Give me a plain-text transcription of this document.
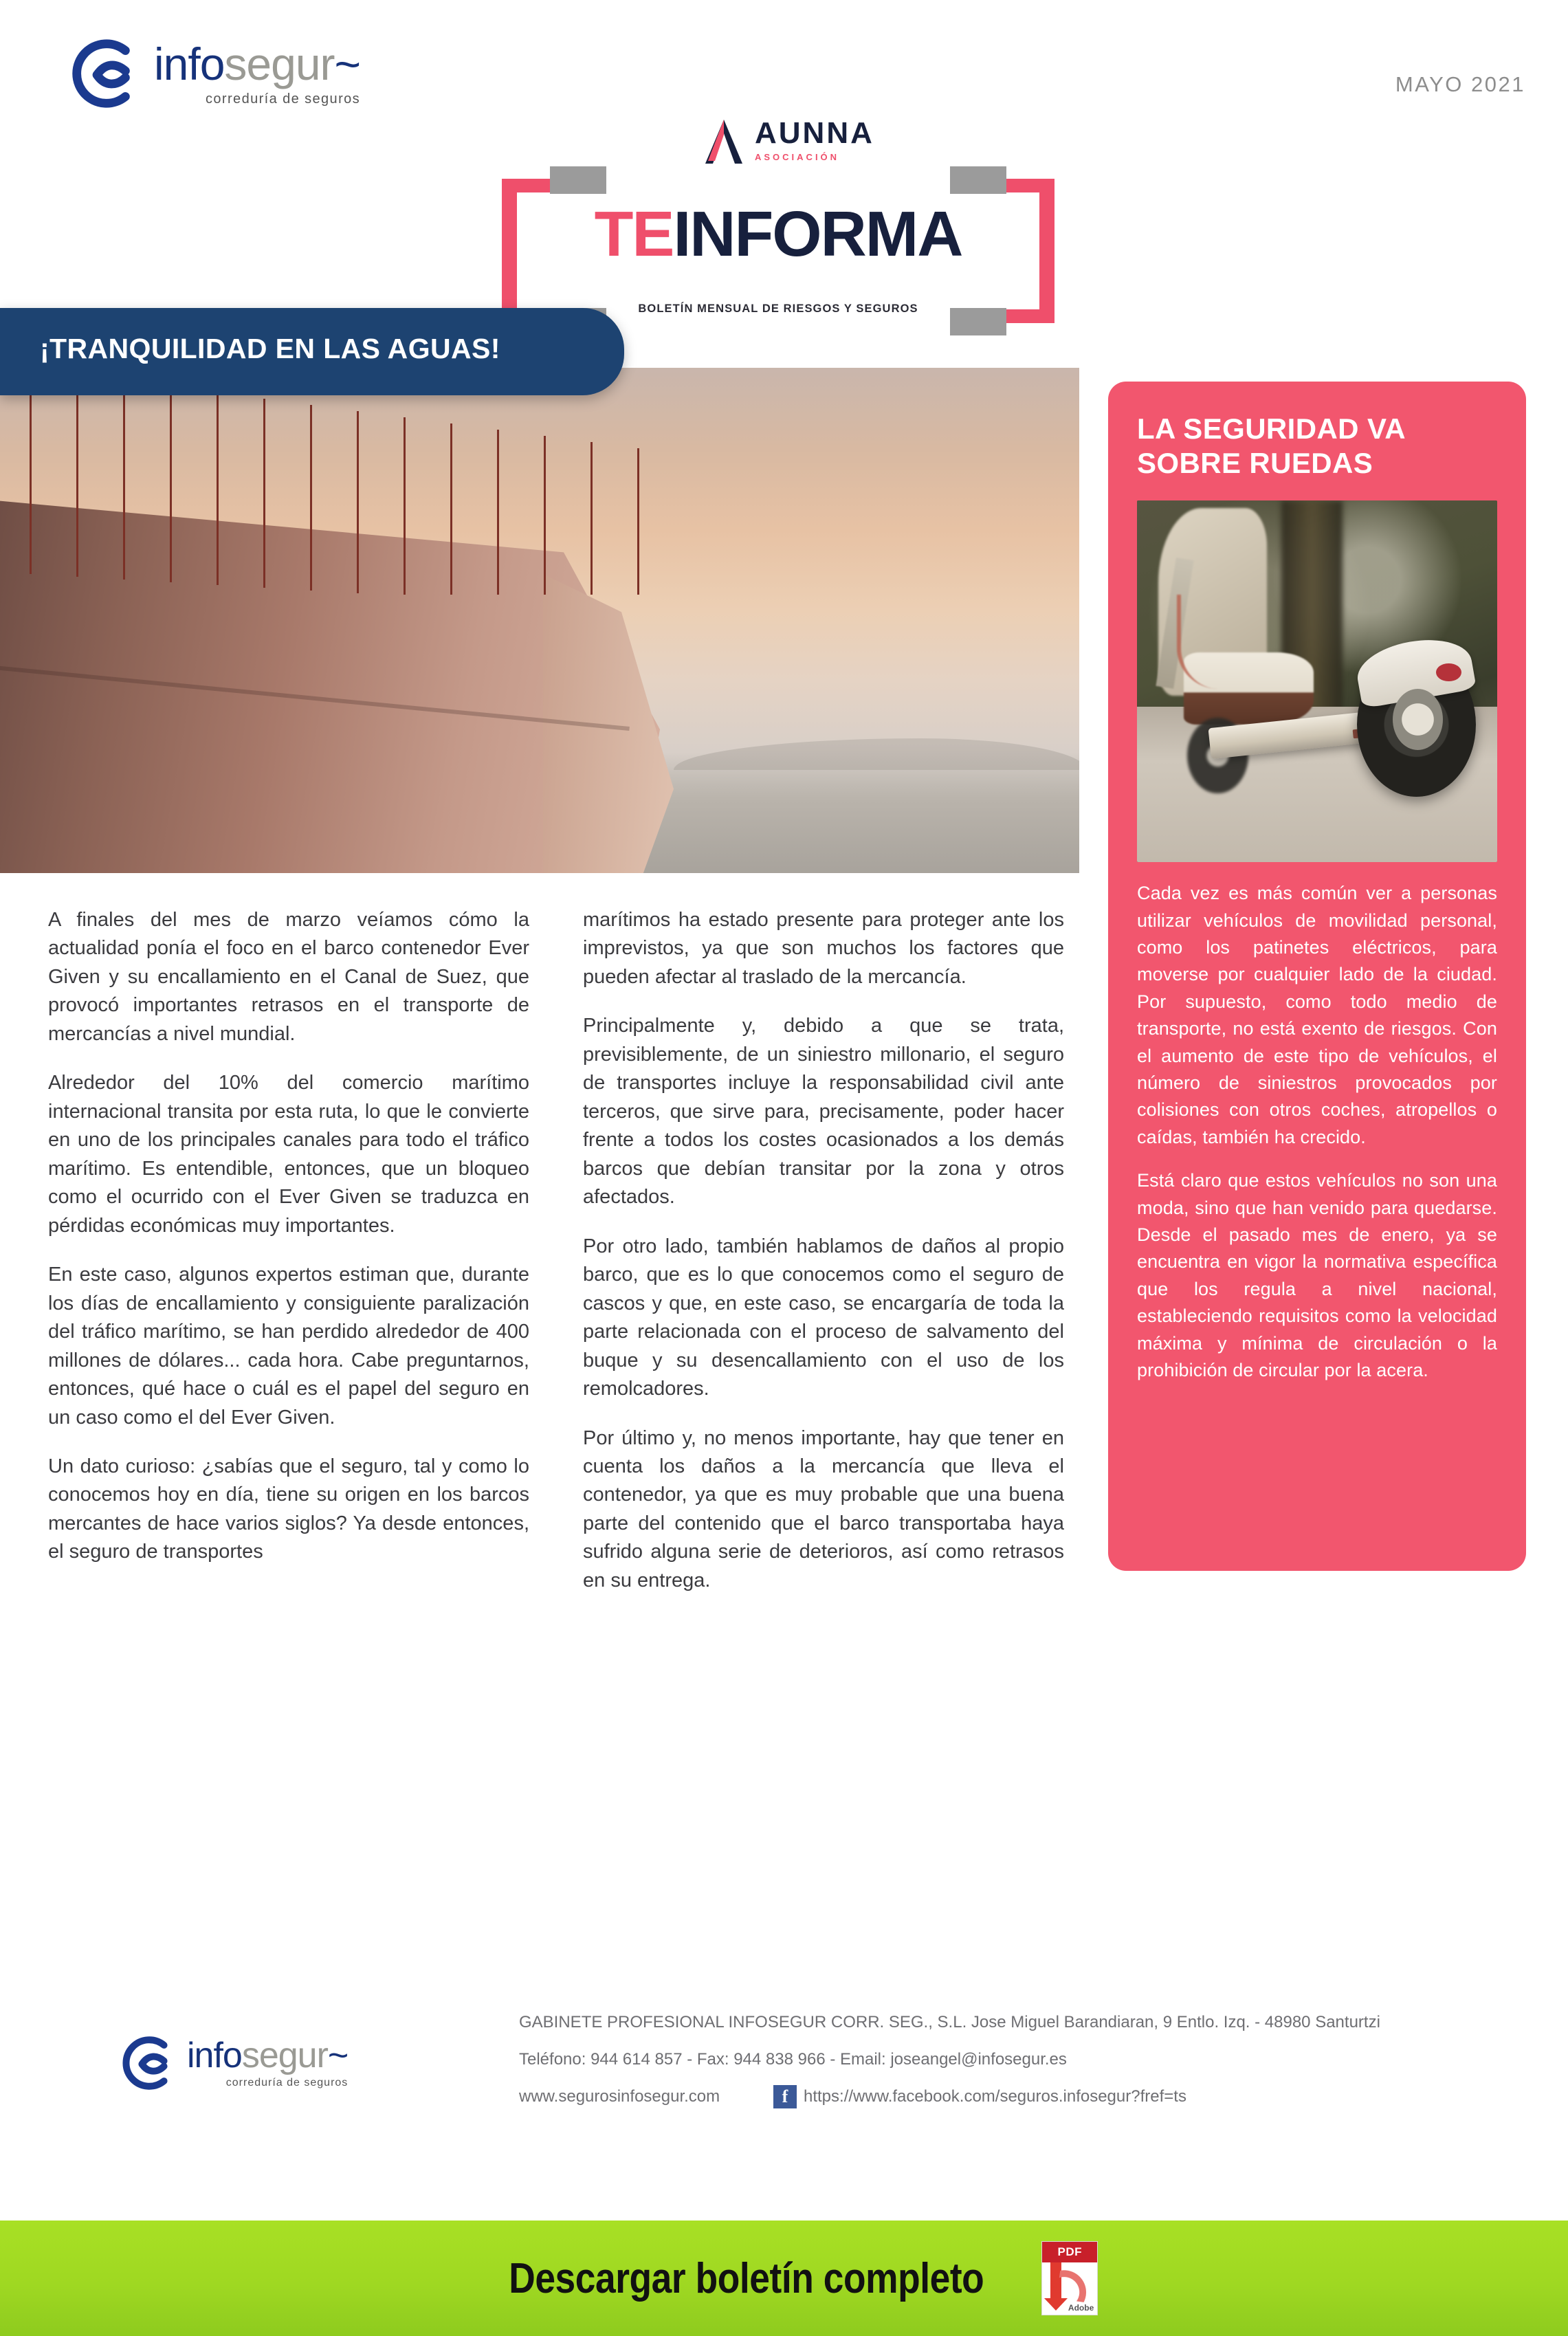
infosegur~
correduría de seguros
MAYO 2021
AUNNA
ASOCIACIÓN
TEINFORMA
BOLETÍN MENSUAL DE RIESGOS Y SEGUROS
¡TRANQUILIDAD EN LAS AGUAS!
LA SEGURIDAD VA SOBRE RUEDAS

Cada vez es más común ver a personas utilizar vehículos de movilidad personal, como los patinetes eléctricos, para moverse por cualquier lado de la ciudad. Por supuesto, como todo medio de transporte, no está exento de riesgos. Con el aumento de este tipo de vehículos, el número de siniestros provocados por colisiones con otros coches, atropellos o caídas, también ha crecido.

Está claro que estos vehículos no son una moda, sino que han venido para quedarse. Desde el pasado mes de enero, ya se encuentra en vigor la normativa específica que los regula a nivel nacional, estableciendo requisitos como la velocidad máxima y mínima de circulación o la prohibición de circular por la acera.

A finales del mes de marzo veíamos cómo la actualidad ponía el foco en el barco contenedor Ever Given y su encallamiento en el Canal de Suez, que provocó importantes retrasos en el transporte de mercancías a nivel mundial.

Alrededor del 10% del comercio marítimo internacional transita por esta ruta, lo que le convierte en uno de los principales canales para todo el tráfico marítimo. Es entendible, entonces, que un bloqueo como el ocurrido con el Ever Given se traduzca en pérdidas económicas muy importantes.

En este caso, algunos expertos estiman que, durante los días de encallamiento y consiguiente paralización del tráfico marítimo, se han perdido alrededor de 400 millones de dólares... cada hora. Cabe preguntarnos, entonces, qué hace o cuál es el papel del seguro en un caso como el del Ever Given.

Un dato curioso: ¿sabías que el seguro, tal y como lo conocemos hoy en día, tiene su origen en los barcos mercantes de hace varios siglos? Ya desde entonces, el seguro de transportes

marítimos ha estado presente para proteger ante los imprevistos, ya que son muchos los factores que pueden afectar al traslado de la mercancía.

Principalmente y, debido a que se trata, previsiblemente, de un siniestro millonario, el seguro de transportes incluye la responsabilidad civil ante terceros, que sirve para, precisamente, poder hacer frente a todos los costes ocasionados a los demás barcos que debían transitar por la zona y otros afectados.

Por otro lado, también hablamos de daños al propio barco, que es lo que conocemos como el seguro de cascos y que, en este caso, se encargaría de toda la parte relacionada con el proceso de salvamento del buque y su desencallamiento con el uso de los remolcadores.

Por último y, no menos importante, hay que tener en cuenta los daños a la mercancía que lleva el contenedor, ya que es muy probable que una buena parte del contenido que el barco transportaba haya sufrido alguna serie de deterioros, así como retrasos en su entrega.

infosegur~
correduría de seguros
GABINETE PROFESIONAL INFOSEGUR CORR. SEG., S.L. Jose Miguel Barandiaran, 9 Entlo. Izq. - 48980 Santurtzi
Teléfono: 944 614 857 - Fax: 944 838 966 - Email: joseangel@infosegur.es
www.segurosinfosegur.com	f https://www.facebook.com/seguros.infosegur?fref=ts
Descargar boletín completo
PDF
Adobe
